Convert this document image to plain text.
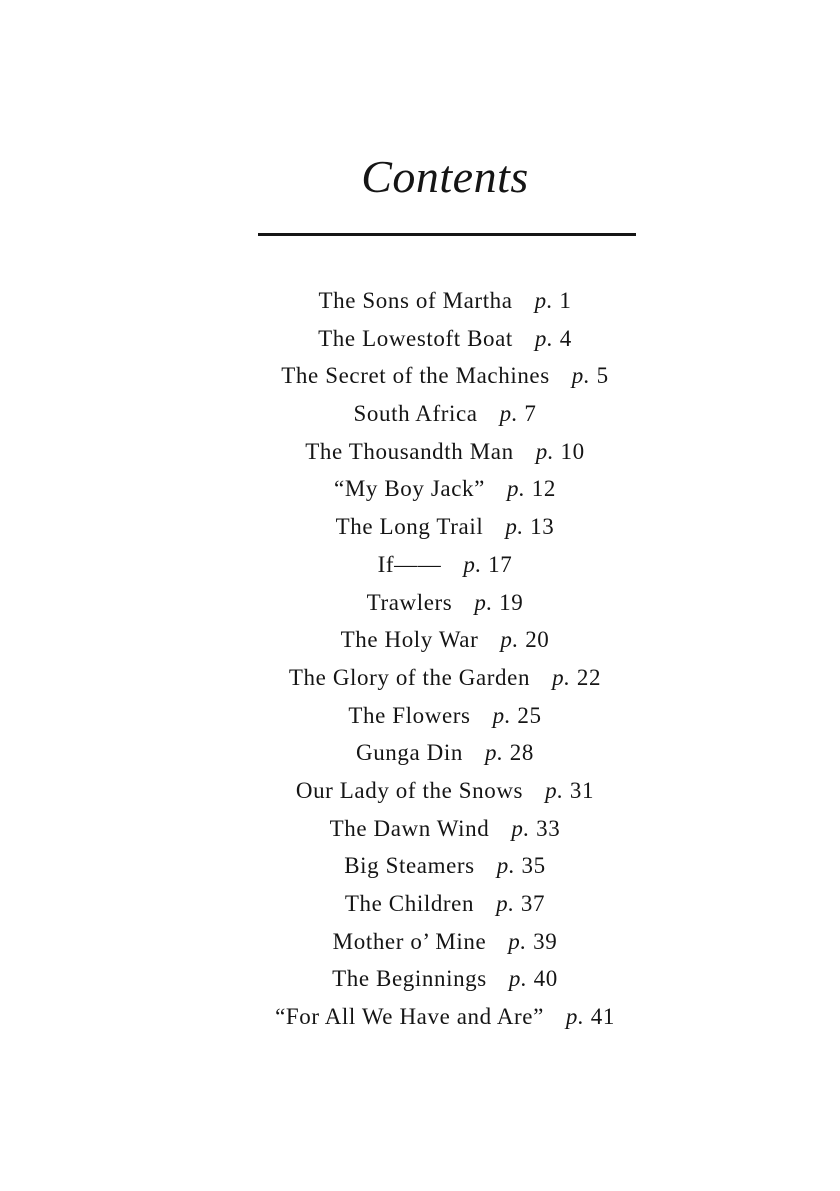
Contents
The Sons of Martha p. 1
The Lowestoft Boat p. 4
The Secret of the Machines p. 5
South Africa p. 7
The Thousandth Man p. 10
“My Boy Jack” p. 12
The Long Trail p. 13
If—— p. 17
Trawlers p. 19
The Holy War p. 20
The Glory of the Garden p. 22
The Flowers p. 25
Gunga Din p. 28
Our Lady of the Snows p. 31
The Dawn Wind p. 33
Big Steamers p. 35
The Children p. 37
Mother o’ Mine p. 39
The Beginnings p. 40
“For All We Have and Are” p. 41
